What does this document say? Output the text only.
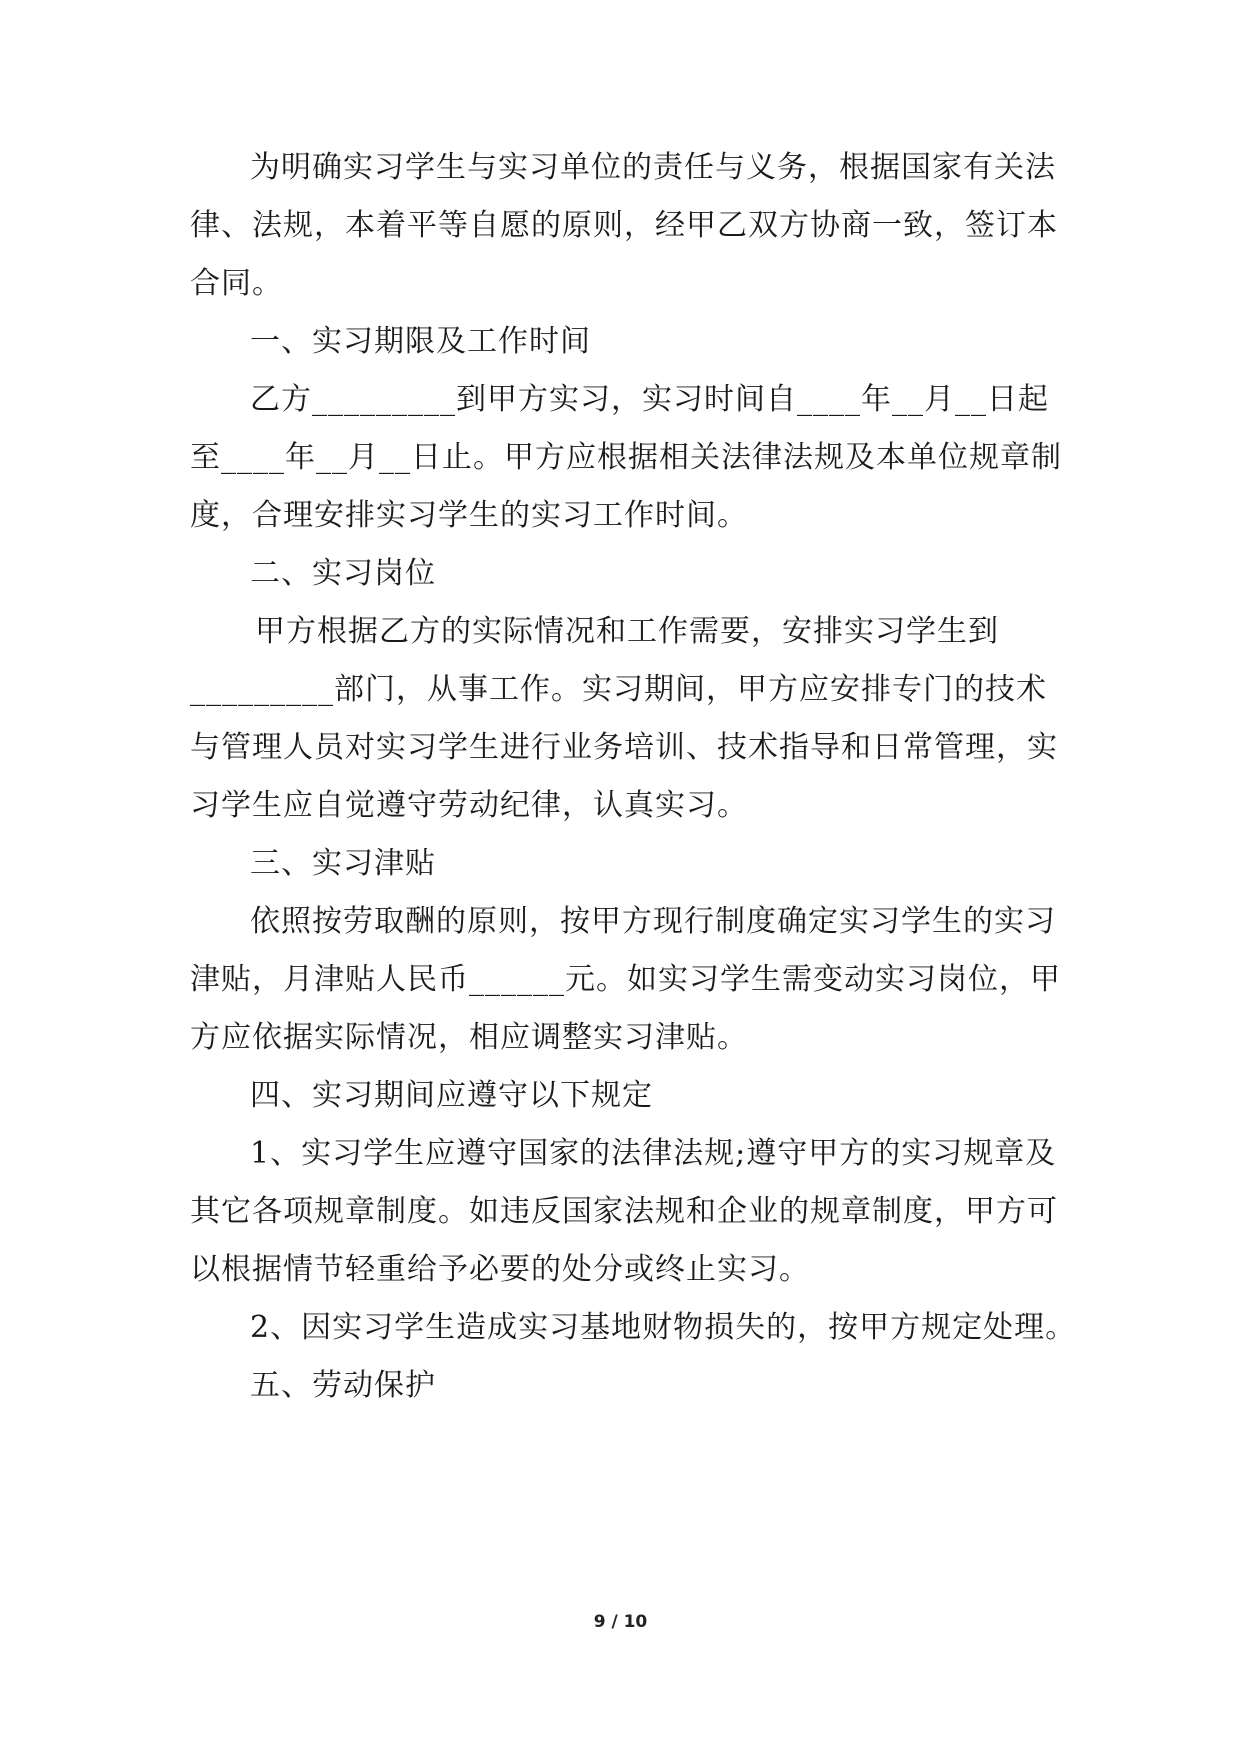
为明确实习学生与实习单位的责任与义务，根据国家有关法
律、法规，本着平等自愿的原则，经甲乙双方协商一致，签订本
合同。
一、实习期限及工作时间
乙方_________到甲方实习，实习时间自____年__月__日起
至____年__月__日止。甲方应根据相关法律法规及本单位规章制
度，合理安排实习学生的实习工作时间。
二、实习岗位
甲方根据乙方的实际情况和工作需要，安排实习学生到
_________部门，从事工作。实习期间，甲方应安排专门的技术
与管理人员对实习学生进行业务培训、技术指导和日常管理，实
习学生应自觉遵守劳动纪律，认真实习。
三、实习津贴
依照按劳取酬的原则，按甲方现行制度确定实习学生的实习
津贴，月津贴人民币______元。如实习学生需变动实习岗位，甲
方应依据实际情况，相应调整实习津贴。
四、实习期间应遵守以下规定
1、实习学生应遵守国家的法律法规;遵守甲方的实习规章及
其它各项规章制度。如违反国家法规和企业的规章制度，甲方可
以根据情节轻重给予必要的处分或终止实习。
2、因实习学生造成实习基地财物损失的，按甲方规定处理。
五、劳动保护
9 / 10
